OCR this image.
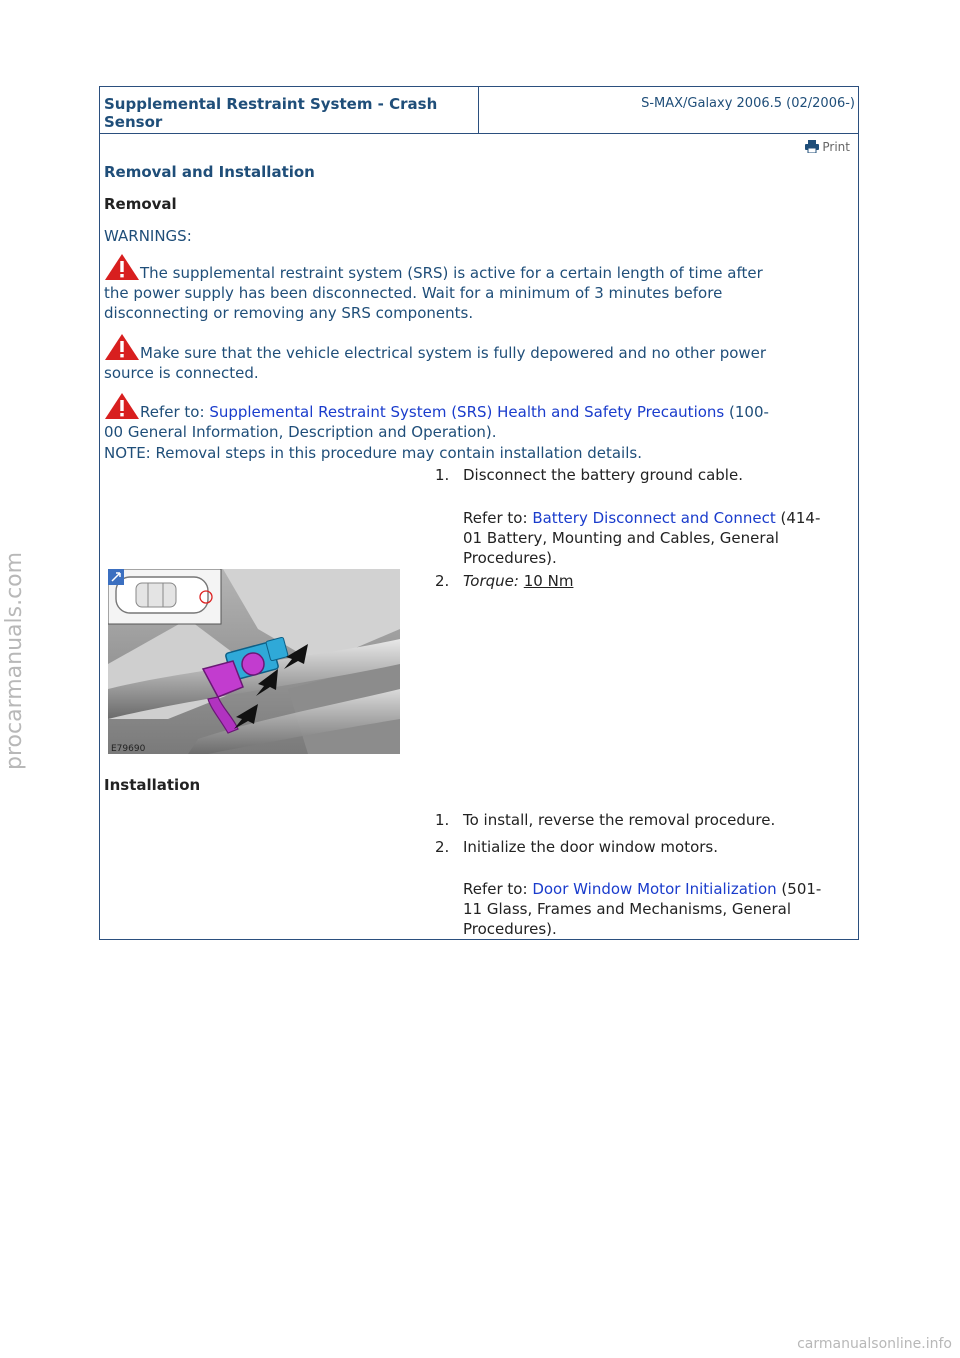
Supplemental Restraint System - Crash
Sensor
S-MAX/Galaxy 2006.5 (02/2006-)
Print
Removal and Installation
Removal
WARNINGS:
The supplemental restraint system (SRS) is active for a certain length of time after
the power supply has been disconnected. Wait for a minimum of 3 minutes before
disconnecting or removing any SRS components.
Make sure that the vehicle electrical system is fully depowered and no other power
source is connected.
Refer to: Supplemental Restraint System (SRS) Health and Safety Precautions (100-
00 General Information, Description and Operation).
NOTE: Removal steps in this procedure may contain installation details.
1. Disconnect the battery ground cable.
Refer to: Battery Disconnect and Connect (414-
01 Battery, Mounting and Cables, General
Procedures).
E79690
2. Torque: 10 Nm
Installation
1. To install, reverse the removal procedure.
2. Initialize the door window motors.
Refer to: Door Window Motor Initialization (501-
11 Glass, Frames and Mechanisms, General
Procedures).
procarmanuals.com
carmanualsonline.info
